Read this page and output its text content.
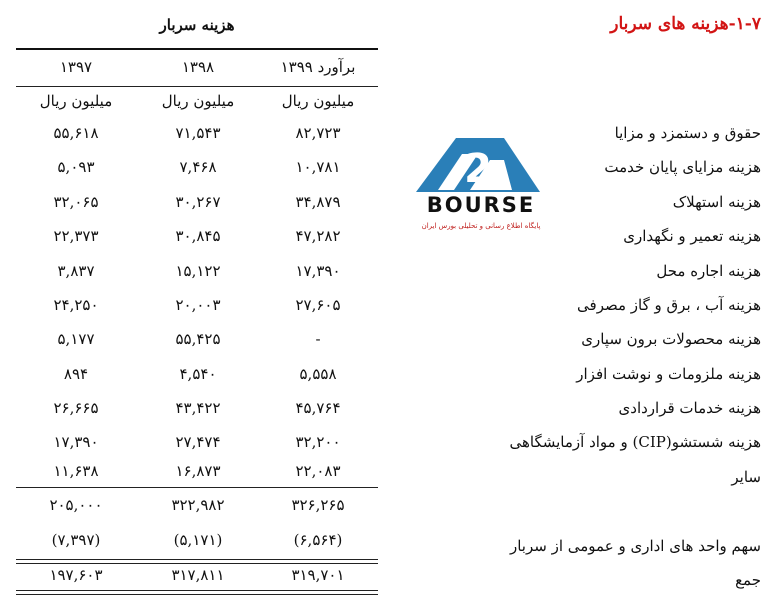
۱-۷-هزینه های سربار
هزینه سربار
برآورد ۱۳۹۹
۱۳۹۸
۱۳۹۷
میلیون ریال
میلیون ریال
میلیون ریال
حقوق و دستمزد و مزایا
۸۲,۷۲۳
۷۱,۵۴۳
۵۵,۶۱۸
هزینه مزایای پایان خدمت
۱۰,۷۸۱
۷,۴۶۸
۵,۰۹۳
هزینه استهلاک
۳۴,۸۷۹
۳۰,۲۶۷
۳۲,۰۶۵
هزینه تعمیر و نگهداری
۴۷,۲۸۲
۳۰,۸۴۵
۲۲,۳۷۳
هزینه اجاره محل
۱۷,۳۹۰
۱۵,۱۲۲
۳,۸۳۷
هزینه آب ، برق و گاز مصرفی
۲۷,۶۰۵
۲۰,۰۰۳
۲۴,۲۵۰
هزینه محصولات برون سپاری
-
۵۵,۴۲۵
۵,۱۷۷
هزینه ملزومات و نوشت افزار
۵,۵۵۸
۴,۵۴۰
۸۹۴
هزینه خدمات قراردادی
۴۵,۷۶۴
۴۳,۴۲۲
۲۶,۶۶۵
هزینه شستشو(CIP) و مواد آزمایشگاهی
۳۲,۲۰۰
۲۷,۴۷۴
۱۷,۳۹۰
سایر
۲۲,۰۸۳
۱۶,۸۷۳
۱۱,۶۳۸
۳۲۶,۲۶۵
۳۲۲,۹۸۲
۲۰۵,۰۰۰
سهم واحد های اداری و عمومی از سربار
(۶,۵۶۴)
(۵,۱۷۱)
(۷,۳۹۷)
جمع
۳۱۹,۷۰۱
۳۱۷,۸۱۱
۱۹۷,۶۰۳
2
BOURSE
پایگاه اطلاع رسانی و تحلیلی بورس ایران
